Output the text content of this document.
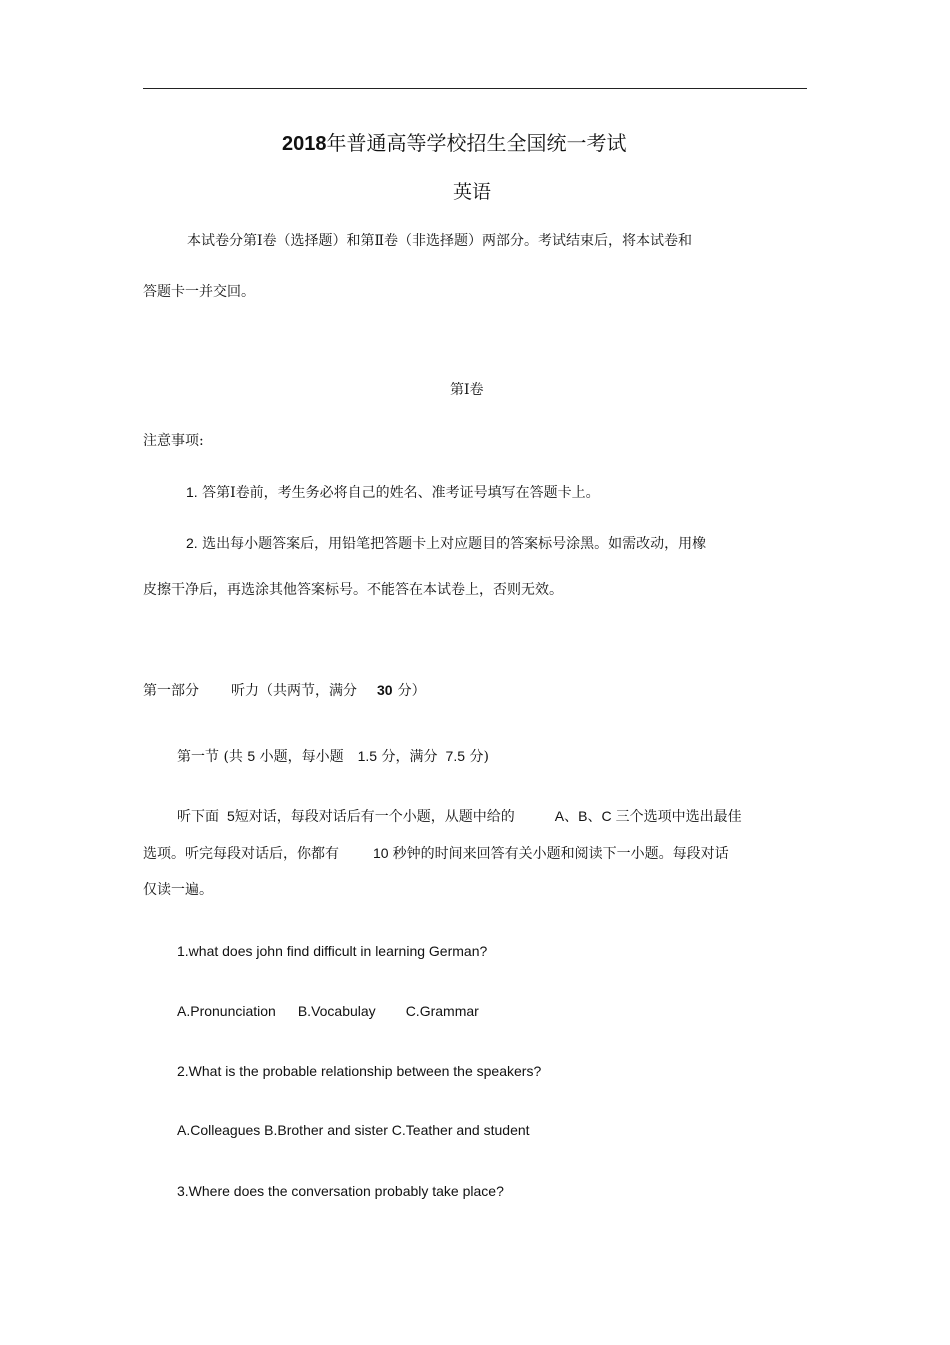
2018年普通高等学校招生全国统一考试
英语
本试卷分第Ⅰ卷（选择题）和第Ⅱ卷（非选择题）两部分。考试结束后，将本试卷和
答题卡一并交回。
第Ⅰ卷
注意事项:
1. 答第Ⅰ卷前，考生务必将自己的姓名、准考证号填写在答题卡上。
2. 选出每小题答案后，用铅笔把答题卡上对应题目的答案标号涂黑。如需改动，用橡
皮擦干净后，再选涂其他答案标号。不能答在本试卷上，否则无效。
第一部分 听力（共两节，满分 30 分）
第一节 (共 5 小题，每小题 1.5 分，满分 7.5 分)
听下面 5短对话，每段对话后有一个小题，从题中给的	A、B、C 三个选项中选出最佳
选项。听完每段对话后，你都有 10 秒钟的时间来回答有关小题和阅读下一小题。每段对话
仅读一遍。
1.what does john find difficult in learning German?
A.Pronunciation B.Vocabulay C.Grammar
2.What is the probable relationship between the speakers?
A.Colleagues B.Brother and sister C.Teather and student
3.Where does the conversation probably take place?
